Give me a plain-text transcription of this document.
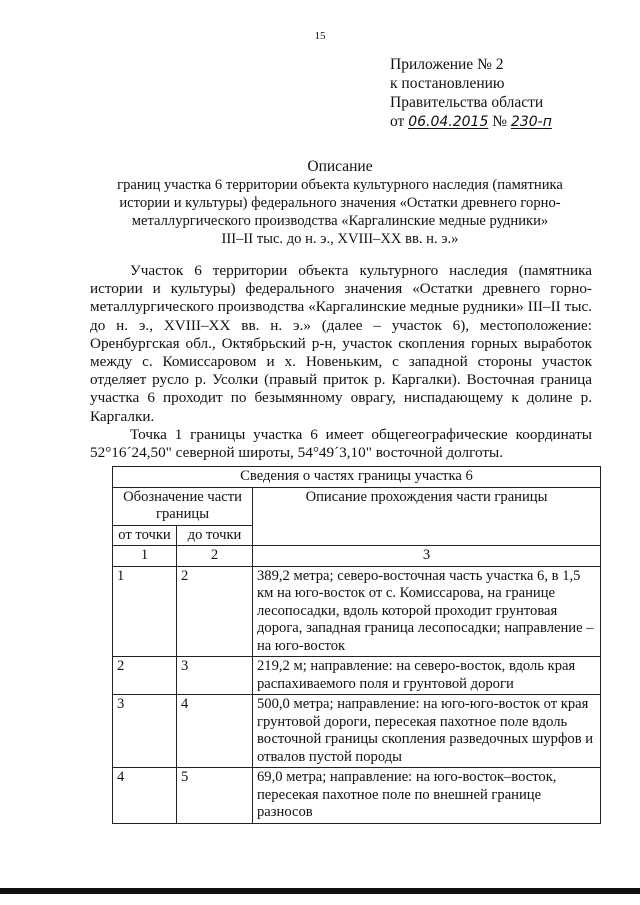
15
Приложение № 2
к постановлению
Правительства области
от 06.04.2015 № 230-п
Описание
границ участка 6 территории объекта культурного наследия (памятника
истории и культуры) федерального значения «Остатки древнего горно-
металлургического производства «Каргалинские медные рудники»
III–II тыс. до н. э., XVIII–XX вв. н. э.»

Участок 6 территории объекта культурного наследия (памятника истории и культуры) федерального значения «Остатки древнего горно-металлургического производства «Каргалинские медные рудники» III–II тыс. до н. э., XVIII–XX вв. н. э.» (далее – участок 6), местоположение: Оренбургская обл., Октябрьский р-н, участок скопления горных выработок между с. Комиссаровом и х. Новеньким, с западной стороны участок отделяет русло р. Усолки (правый приток р. Каргалки). Восточная граница участка 6 проходит по безымянному оврагу, ниспадающему к долине р. Каргалки.

Точка 1 границы участка 6 имеет общегеографические координаты 52°16´24,50" северной широты, 54°49´3,10" восточной долготы.

Сведения о частях границы участка 6		
Обозначение части границы		Описание прохождения части границы
от точки	до точки	
1	2	3
1	2	389,2 метра; северо-восточная часть участка 6, в 1,5 км на юго-восток от с. Комиссарова, на границе лесопосадки, вдоль которой проходит грунтовая дорога, западная граница лесопосадки; направление – на юго-восток
2	3	219,2 м; направление: на северо-восток, вдоль края распахиваемого поля и грунтовой дороги
3	4	500,0 метра; направление: на юго-юго-восток от края грунтовой дороги, пересекая пахотное поле вдоль восточной границы скопления разведочных шурфов и отвалов пустой породы
4	5	69,0 метра; направление: на юго-восток–восток, пересекая пахотное поле по внешней границе разносов
